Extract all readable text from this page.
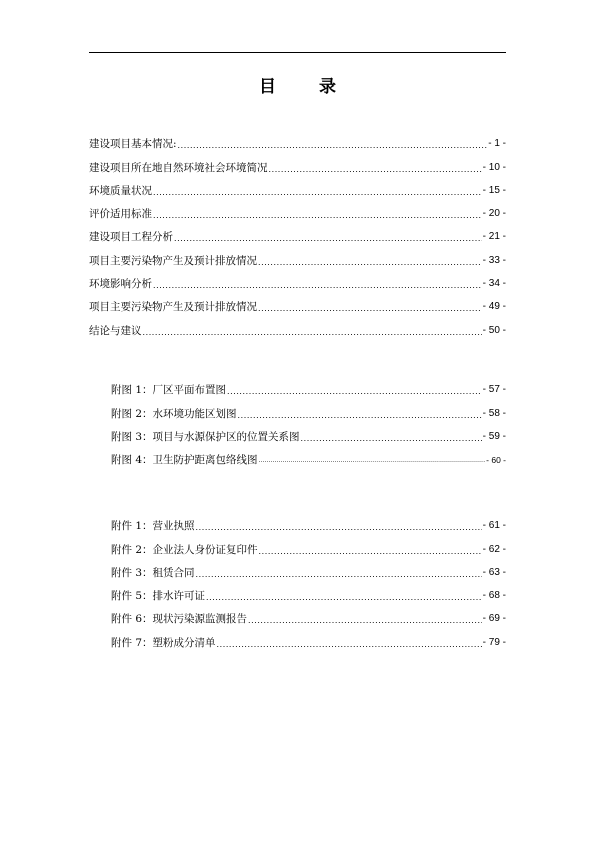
目　录
建设项目基本情况: .....	- 1 -
建设项目所在地自然环境社会环境简况 .....	- 10 -
环境质量状况 .....	- 15 -
评价适用标准 .....	- 20 -
建设项目工程分析 .....	- 21 -
项目主要污染物产生及预计排放情况 .....	- 33 -
环境影响分析 .....	- 34 -
项目主要污染物产生及预计排放情况 .....	- 49 -
结论与建议 .....	- 50 -
附图 1：厂区平面布置图 .....	- 57 -
附图 2：水环境功能区划图 .....	- 58 -
附图 3：项目与水源保护区的位置关系图 .....	- 59 -
附图 4：卫生防护距离包络线图 .....	- 60 -
附件 1：营业执照 .....	- 61 -
附件 2：企业法人身份证复印件 .....	- 62 -
附件 3：租赁合同 .....	- 63 -
附件 5：排水许可证 .....	- 68 -
附件 6：现状污染源监测报告 .....	- 69 -
附件 7：塑粉成分清单 .....	- 79 -
